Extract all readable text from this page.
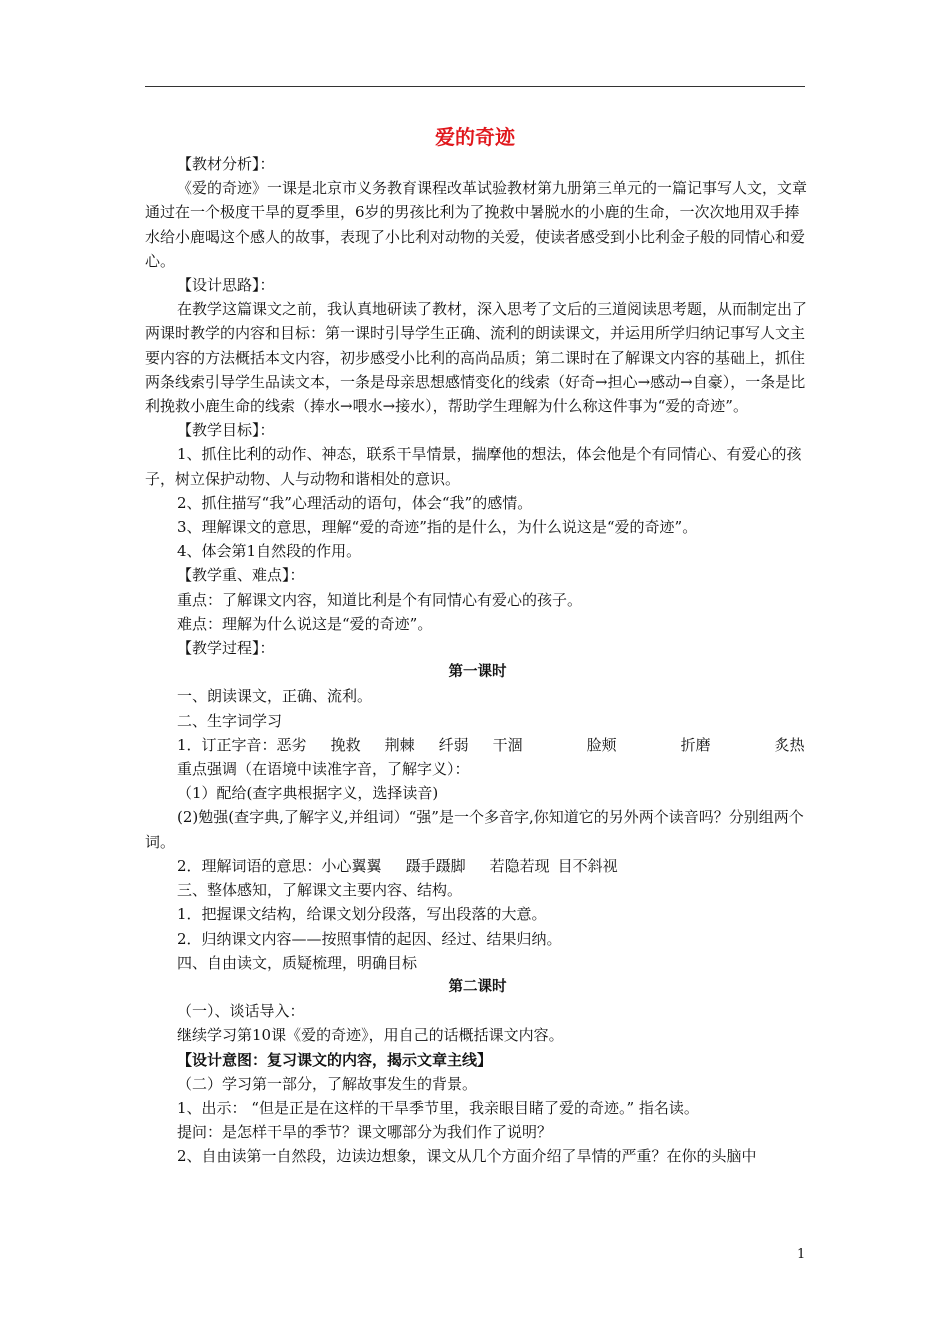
爱的奇迹

【教材分析】：

《爱的奇迹》一课是北京市义务教育课程改革试验教材第九册第三单元的一篇记事写人文，文章通过在一个极度干旱的夏季里，6岁的男孩比利为了挽救中暑脱水的小鹿的生命，一次次地用双手捧水给小鹿喝这个感人的故事，表现了小比利对动物的关爱，使读者感受到小比利金子般的同情心和爱心。

【设计思路】：

在教学这篇课文之前，我认真地研读了教材，深入思考了文后的三道阅读思考题，从而制定出了两课时教学的内容和目标：第一课时引导学生正确、流利的朗读课文，并运用所学归纳记事写人文主要内容的方法概括本文内容，初步感受小比利的高尚品质；第二课时在了解课文内容的基础上，抓住两条线索引导学生品读文本，一条是母亲思想感情变化的线索（好奇→担心→感动→自豪），一条是比利挽救小鹿生命的线索（捧水→喂水→接水），帮助学生理解为什么称这件事为“爱的奇迹”。

【教学目标】：

1、抓住比利的动作、神态，联系干旱情景，揣摩他的想法，体会他是个有同情心、有爱心的孩子，树立保护动物、人与动物和谐相处的意识。

2、抓住描写“我”心理活动的语句，体会“我”的感情。

3、理解课文的意思，理解“爱的奇迹”指的是什么，为什么说这是“爱的奇迹”。

4、体会第1自然段的作用。

【教学重、难点】：

重点：了解课文内容，知道比利是个有同情心有爱心的孩子。

难点：理解为什么说这是“爱的奇迹”。

【教学过程】：

第一课时

一、朗读课文，正确、流利。

二、生字词学习

1．订正字音：恶劣 挽救 荆棘 纤弱 干涸	脸颊	折磨	炙热

重点强调（在语境中读准字音，了解字义）：

（1）配给(查字典根据字义，选择读音)

(2)勉强(查字典,了解字义,并组词）“强”是一个多音字,你知道它的另外两个读音吗？分别组两个词。

2．理解词语的意思：小心翼翼 蹑手蹑脚 若隐若现 目不斜视

三、整体感知，了解课文主要内容、结构。

1．把握课文结构，给课文划分段落，写出段落的大意。

2．归纳课文内容——按照事情的起因、经过、结果归纳。

四、自由读文，质疑梳理，明确目标

第二课时

（一）、谈话导入：

继续学习第10课《爱的奇迹》，用自己的话概括课文内容。

【设计意图：复习课文的内容，揭示文章主线】

（二）学习第一部分，了解故事发生的背景。

1、出示： “但是正是在这样的干旱季节里，我亲眼目睹了爱的奇迹。” 指名读。

提问：是怎样干旱的季节？课文哪部分为我们作了说明？

2、自由读第一自然段，边读边想象，课文从几个方面介绍了旱情的严重？在你的头脑中

1
